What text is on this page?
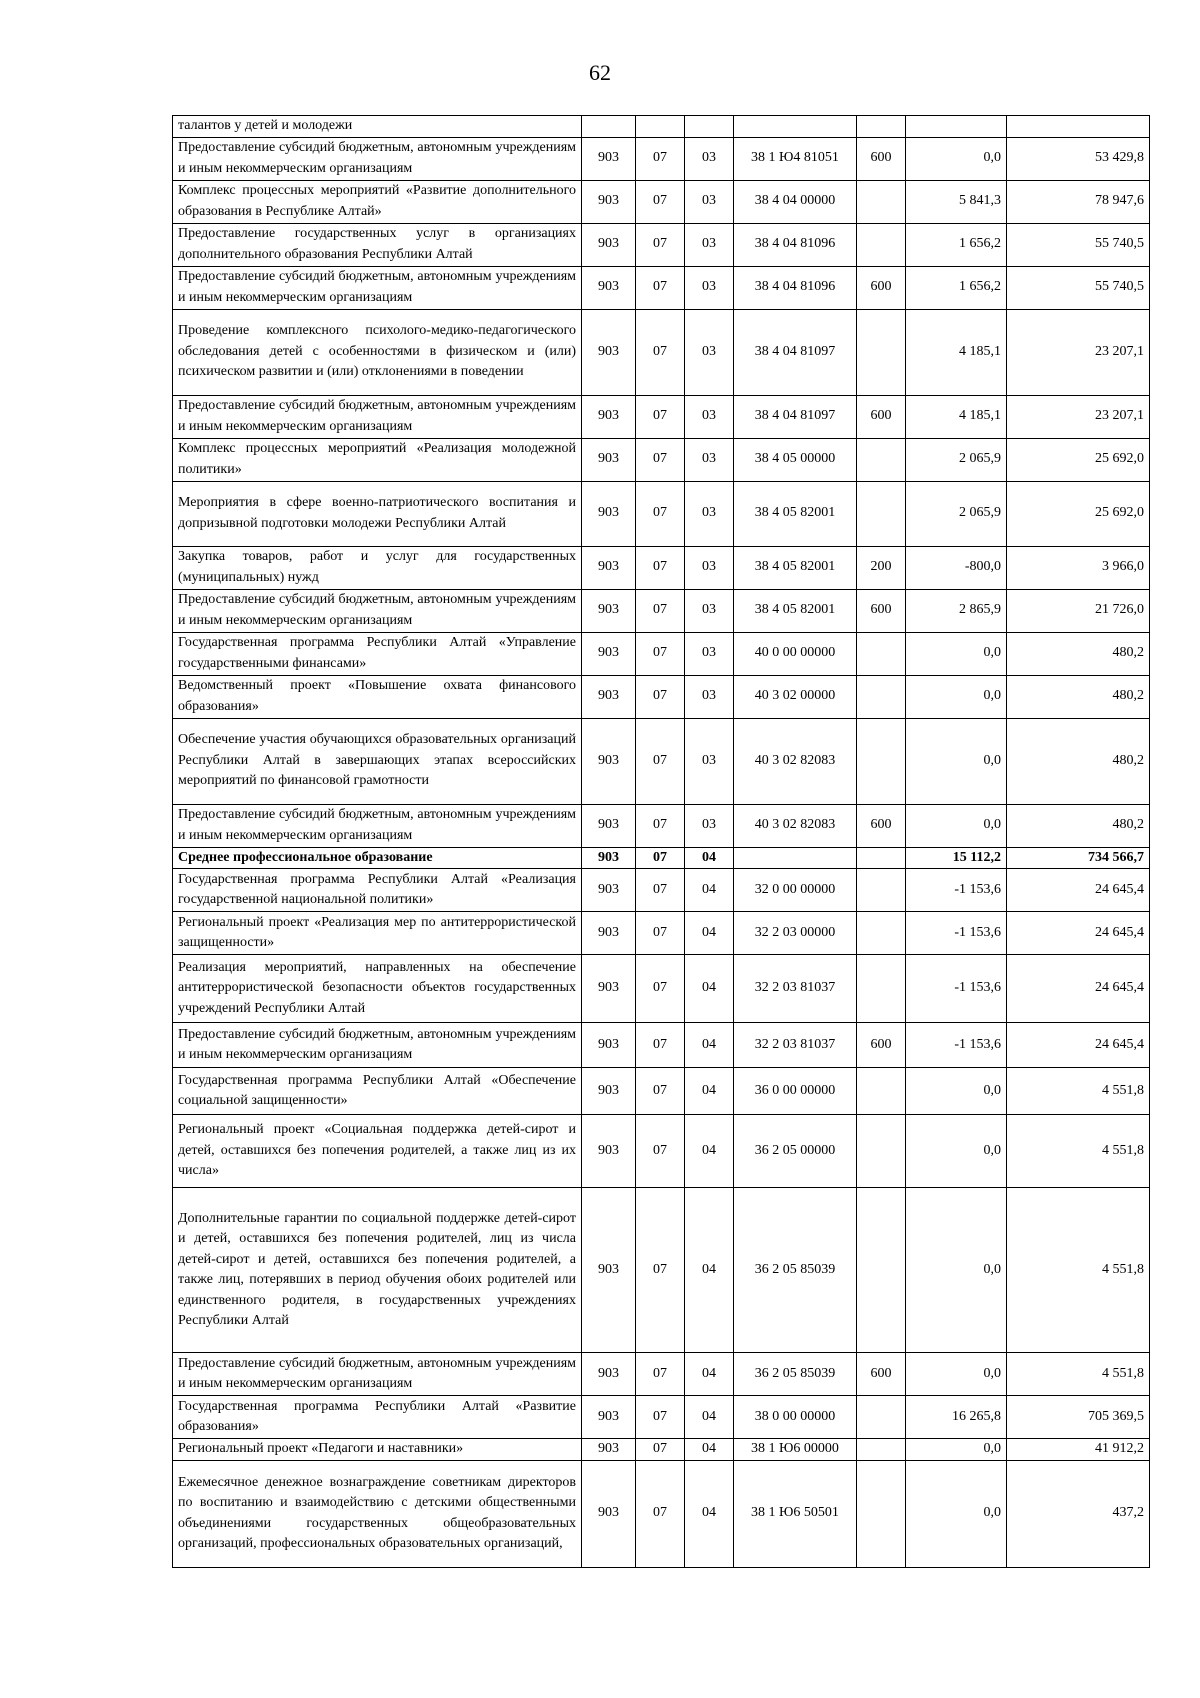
62
талантов у детей и молодежи							
Предоставление субсидий бюджетным, автономным учреждениям и иным некоммерческим организациям	903	07	03	38 1 Ю4 81051	600	0,0	53 429,8
Комплекс процессных мероприятий «Развитие дополнительного образования в Республике Алтай»	903	07	03	38 4 04 00000		5 841,3	78 947,6
Предоставление государственных услуг в организациях дополнительного образования Республики Алтай	903	07	03	38 4 04 81096		1 656,2	55 740,5
Предоставление субсидий бюджетным, автономным учреждениям и иным некоммерческим организациям	903	07	03	38 4 04 81096	600	1 656,2	55 740,5
Проведение комплексного психолого-медико-педагогического обследования детей с особенностями в физическом и (или) психическом развитии и (или) отклонениями в поведении	903	07	03	38 4 04 81097		4 185,1	23 207,1
Предоставление субсидий бюджетным, автономным учреждениям и иным некоммерческим организациям	903	07	03	38 4 04 81097	600	4 185,1	23 207,1
Комплекс процессных мероприятий «Реализация молодежной политики»	903	07	03	38 4 05 00000		2 065,9	25 692,0
Мероприятия в сфере военно-патриотического воспитания и допризывной подготовки молодежи Республики Алтай	903	07	03	38 4 05 82001		2 065,9	25 692,0
Закупка товаров, работ и услуг для государственных (муниципальных) нужд	903	07	03	38 4 05 82001	200	-800,0	3 966,0
Предоставление субсидий бюджетным, автономным учреждениям и иным некоммерческим организациям	903	07	03	38 4 05 82001	600	2 865,9	21 726,0
Государственная программа Республики Алтай «Управление государственными финансами»	903	07	03	40 0 00 00000		0,0	480,2
Ведомственный проект «Повышение охвата финансового образования»	903	07	03	40 3 02 00000		0,0	480,2
Обеспечение участия обучающихся образовательных организаций Республики Алтай в завершающих этапах всероссийских мероприятий по финансовой грамотности	903	07	03	40 3 02 82083		0,0	480,2
Предоставление субсидий бюджетным, автономным учреждениям и иным некоммерческим организациям	903	07	03	40 3 02 82083	600	0,0	480,2
Среднее профессиональное образование	903	07	04			15 112,2	734 566,7
Государственная программа Республики Алтай «Реализация государственной национальной политики»	903	07	04	32 0 00 00000		-1 153,6	24 645,4
Региональный проект «Реализация мер по антитеррористической защищенности»	903	07	04	32 2 03 00000		-1 153,6	24 645,4
Реализация мероприятий, направленных на обеспечение антитеррористической безопасности объектов государственных учреждений Республики Алтай	903	07	04	32 2 03 81037		-1 153,6	24 645,4
Предоставление субсидий бюджетным, автономным учреждениям и иным некоммерческим организациям	903	07	04	32 2 03 81037	600	-1 153,6	24 645,4
Государственная программа Республики Алтай «Обеспечение социальной защищенности»	903	07	04	36 0 00 00000		0,0	4 551,8
Региональный проект «Социальная поддержка детей-сирот и детей, оставшихся без попечения родителей, а также лиц из их числа»	903	07	04	36 2 05 00000		0,0	4 551,8
Дополнительные гарантии по социальной поддержке детей-сирот и детей, оставшихся без попечения родителей, лиц из числа детей-сирот и детей, оставшихся без попечения родителей, а также лиц, потерявших в период обучения обоих родителей или единственного родителя, в государственных учреждениях Республики Алтай	903	07	04	36 2 05 85039		0,0	4 551,8
Предоставление субсидий бюджетным, автономным учреждениям и иным некоммерческим организациям	903	07	04	36 2 05 85039	600	0,0	4 551,8
Государственная программа Республики Алтай «Развитие образования»	903	07	04	38 0 00 00000		16 265,8	705 369,5
Региональный проект «Педагоги и наставники»	903	07	04	38 1 Ю6 00000		0,0	41 912,2
Ежемесячное денежное вознаграждение советникам директоров по воспитанию и взаимодействию с детскими общественными объединениями государственных общеобразовательных организаций, профессиональных образовательных организаций,	903	07	04	38 1 Ю6 50501		0,0	437,2
